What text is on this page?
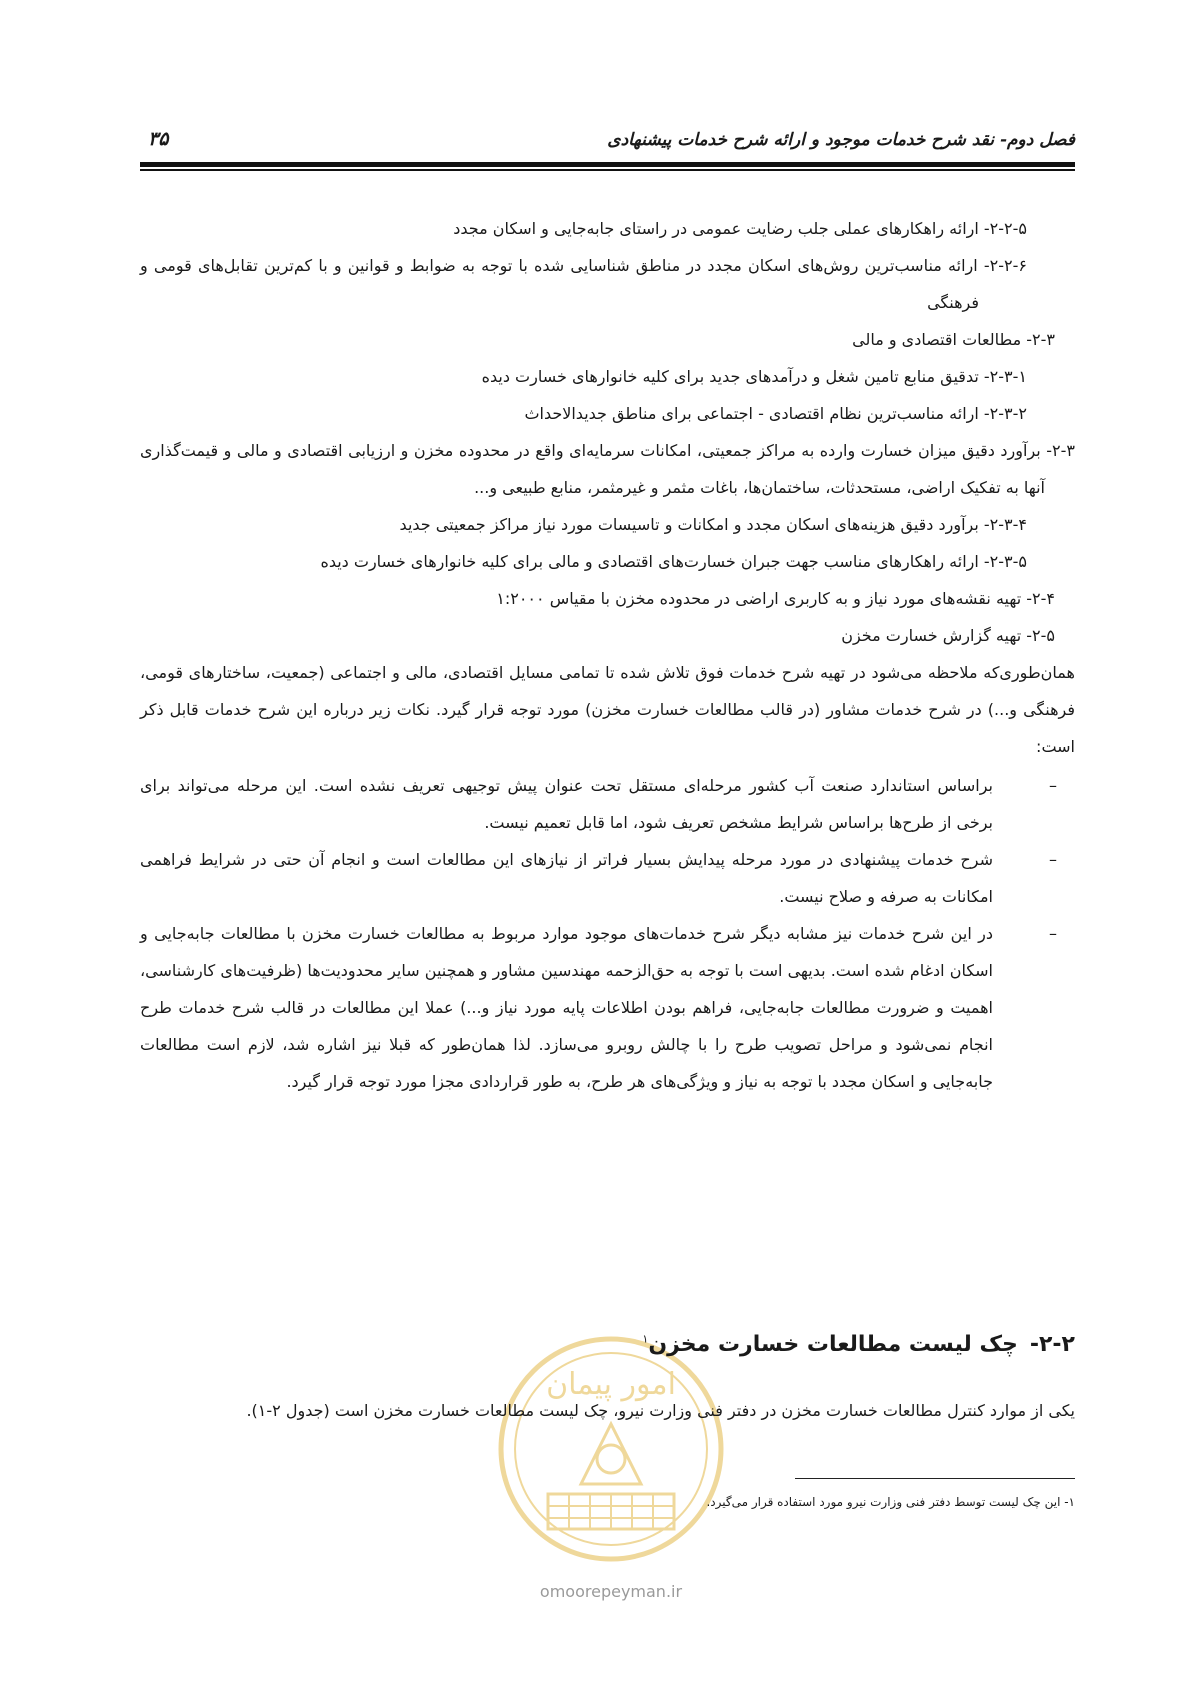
فصل دوم- نقد شرح خدمات موجود و ارائه شرح خدمات پیشنهادی
۳۵

۲-۲-۵- ارائه راهکارهای عملی جلب رضایت عمومی در راستای جابه‌جایی و اسکان مجدد

۲-۲-۶- ارائه مناسب‌ترین روش‌های اسکان مجدد در مناطق شناسایی شده با توجه به ضوابط و قوانین و با کم‌ترین تقابل‌های قومی و فرهنگی

۲-۳- مطالعات اقتصادی و مالی

۲-۳-۱- تدقیق منابع تامین شغل و درآمدهای جدید برای کلیه خانوارهای خسارت دیده

۲-۳-۲- ارائه مناسب‌ترین نظام اقتصادی - اجتماعی برای مناطق جدیدالاحداث

۲-۳- برآورد دقیق میزان خسارت وارده به مراکز جمعیتی، امکانات سرمایه‌ای واقع در محدوده مخزن و ارزیابی اقتصادی و مالی و قیمت‌گذاری آنها به تفکیک اراضی، مستحدثات، ساختمان‌ها، باغات مثمر و غیرمثمر، منابع طبیعی و...

۲-۳-۴- برآورد دقیق هزینه‌های اسکان مجدد و امکانات و تاسیسات مورد نیاز مراکز جمعیتی جدید

۲-۳-۵- ارائه راهکارهای مناسب جهت جبران خسارت‌های اقتصادی و مالی برای کلیه خانوارهای خسارت دیده

۲-۴- تهیه نقشه‌های مورد نیاز و به کاربری اراضی در محدوده مخزن با مقیاس ۱:۲۰۰۰

۲-۵- تهیه گزارش خسارت مخزن

همان‌طوری‌که ملاحظه می‌شود در تهیه شرح خدمات فوق تلاش شده تا تمامی مسایل اقتصادی، مالی و اجتماعی (جمعیت، ساختارهای قومی، فرهنگی و...) در شرح خدمات مشاور (در قالب مطالعات خسارت مخزن) مورد توجه قرار گیرد. نکات زیر درباره این شرح خدمات قابل ذکر است:

–
براساس استاندارد صنعت آب کشور مرحله‌ای مستقل تحت عنوان پیش توجیهی تعریف نشده است. این مرحله می‌تواند برای برخی از طرح‌ها براساس شرایط مشخص تعریف شود، اما قابل تعمیم نیست.
–
شرح خدمات پیشنهادی در مورد مرحله پیدایش بسیار فراتر از نیازهای این مطالعات است و انجام آن حتی در شرایط فراهمی امکانات به صرفه و صلاح نیست.
–
در این شرح خدمات نیز مشابه دیگر شرح خدمات‌های موجود موارد مربوط به مطالعات خسارت مخزن با مطالعات جابه‌جایی و اسکان ادغام شده است. بدیهی است با توجه به حق‌الزحمه مهندسین مشاور و همچنین سایر محدودیت‌ها (ظرفیت‌های کارشناسی، اهمیت و ضرورت مطالعات جابه‌جایی، فراهم بودن اطلاعات پایه مورد نیاز و...) عملا این مطالعات در قالب شرح خدمات طرح انجام نمی‌شود و مراحل تصویب طرح را با چالش روبرو می‌سازد. لذا همان‌طور که قبلا نیز اشاره شد، لازم است مطالعات جابه‌جایی و اسکان مجدد با توجه به نیاز و ویژگی‌های هر طرح، به طور قراردادی مجزا مورد توجه قرار گیرد.
امور پیمان
۲-۲-چک لیست مطالعات خسارت مخزن$^۱$
یکی از موارد کنترل مطالعات خسارت مخزن در دفتر فنی وزارت نیرو، چک لیست مطالعات خسارت مخزن است (جدول ۲-۱).
۱- این چک لیست توسط دفتر فنی وزارت نیرو مورد استفاده قرار می‌گیرد.
omoorepeyman.ir
